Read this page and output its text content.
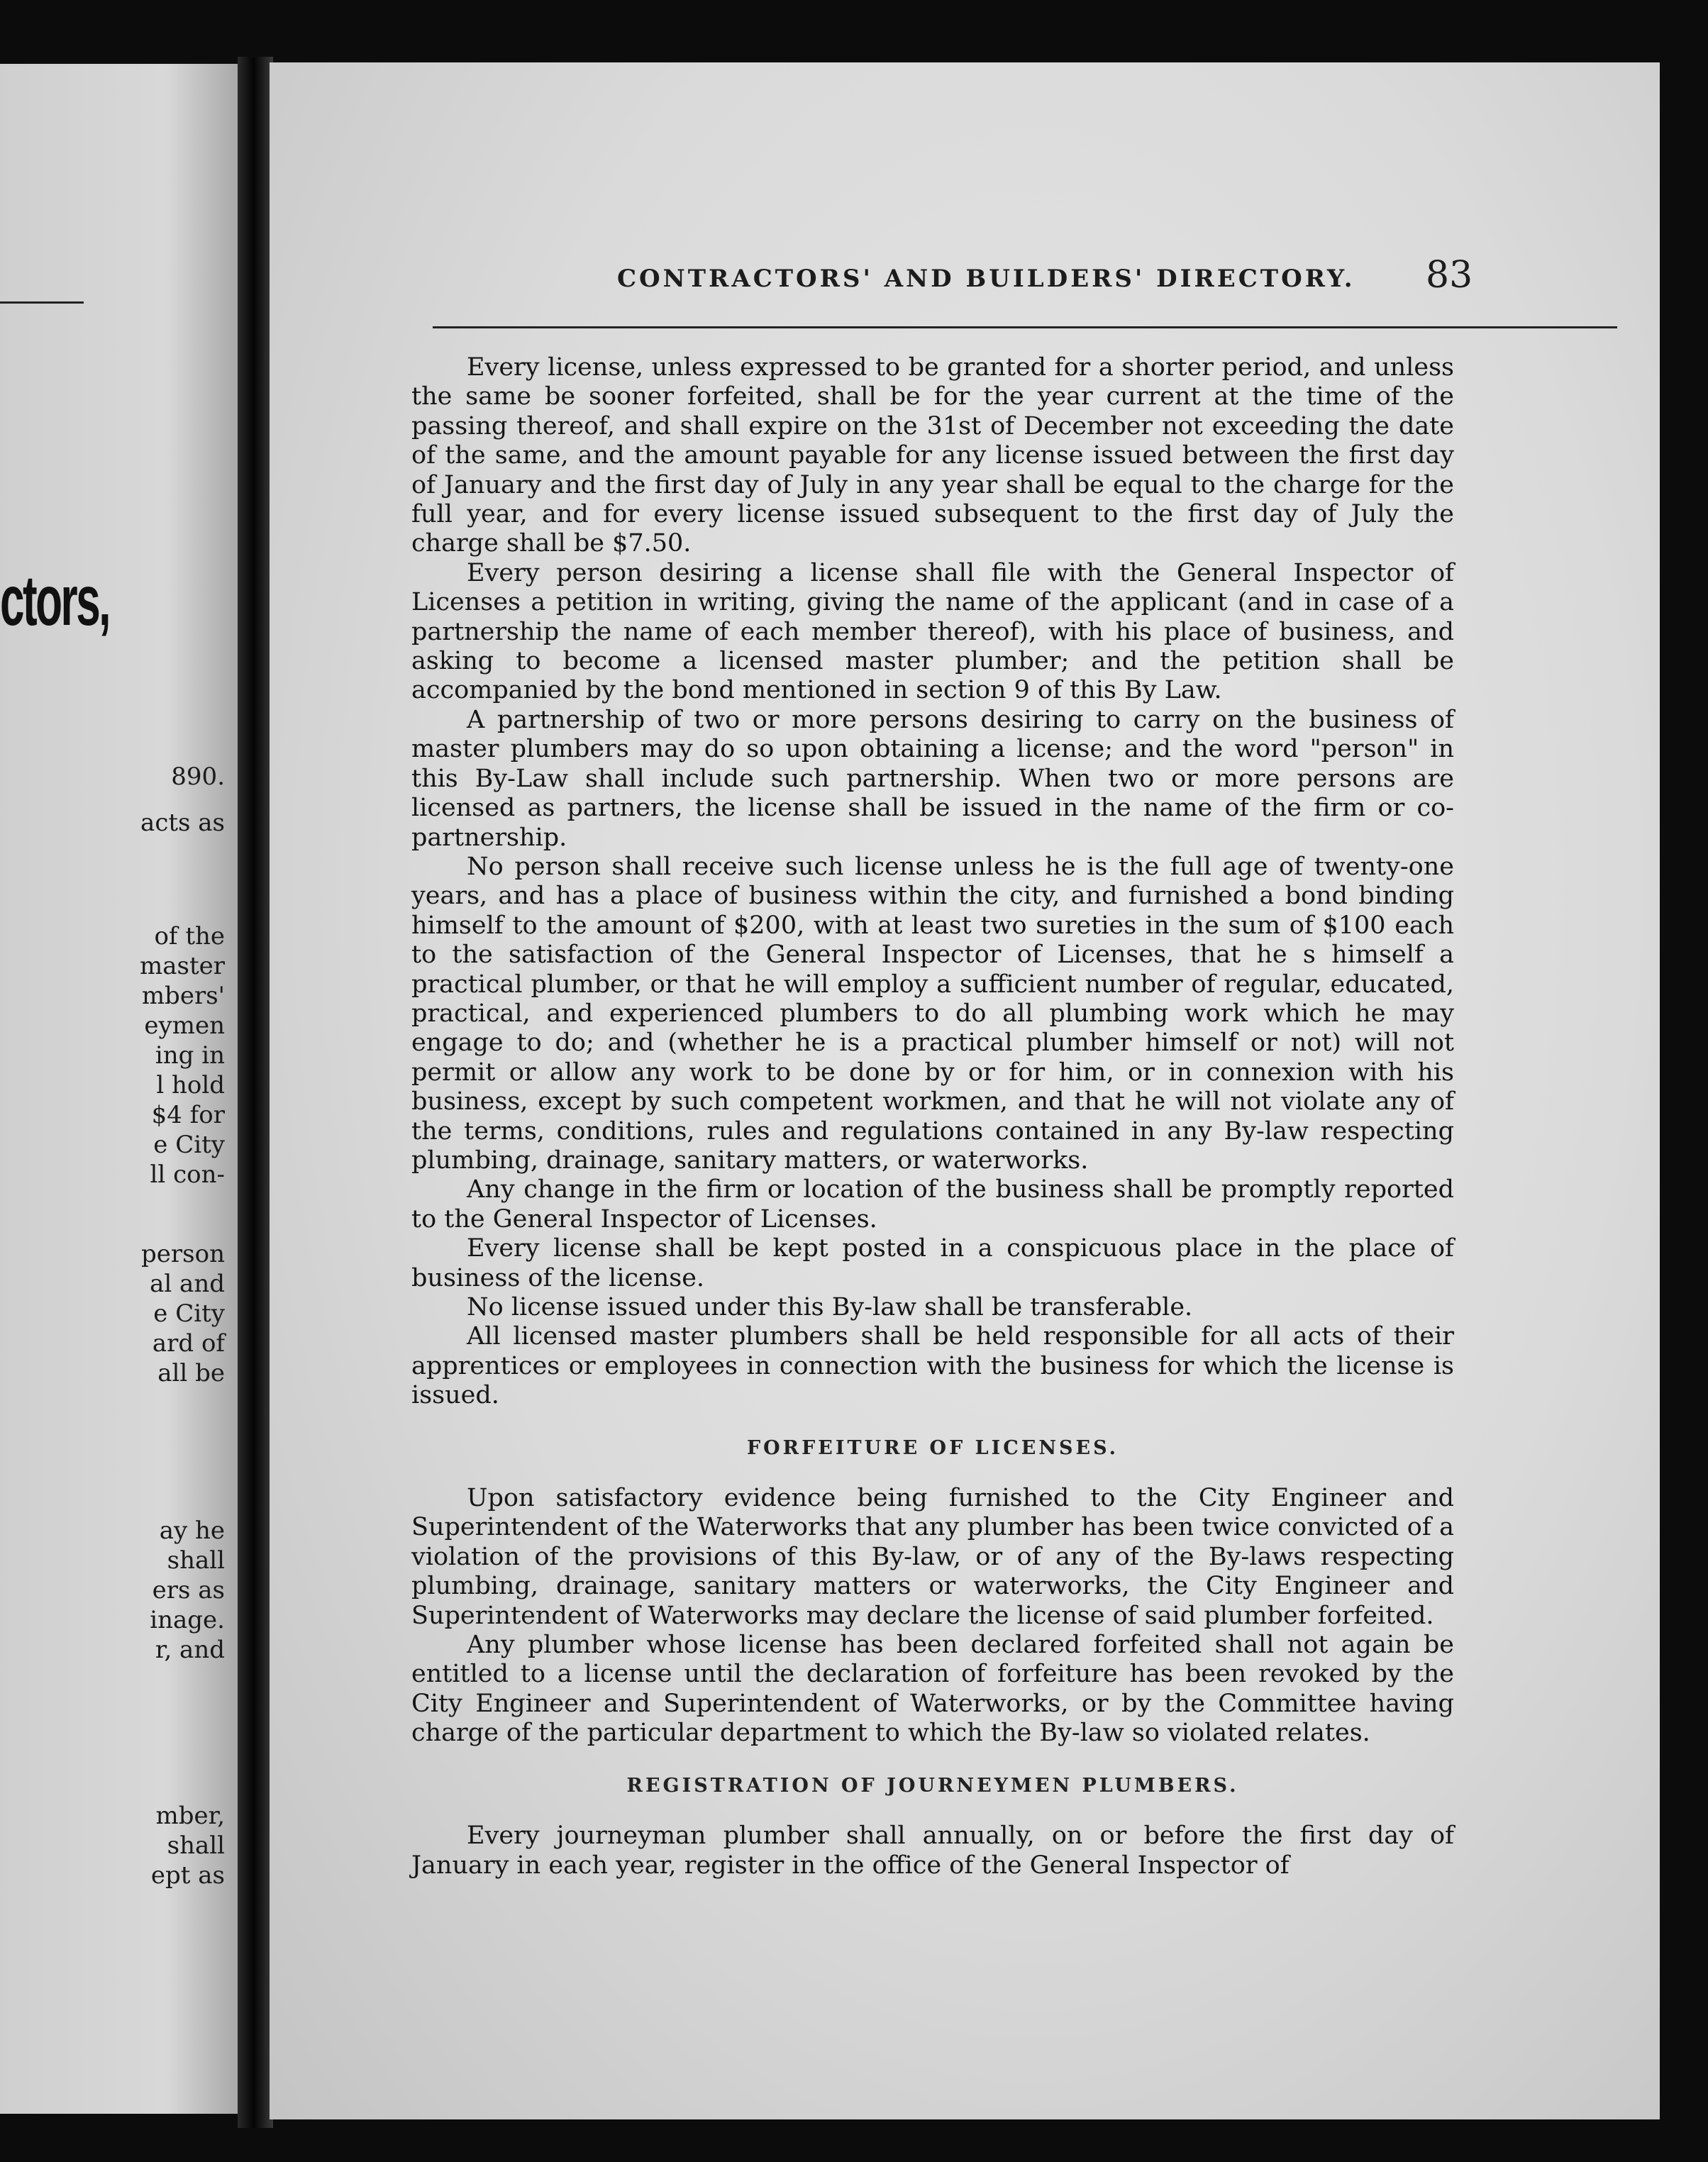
ctors,
890.
acts as
of the
master
mbers'
eymen
ing in
l hold
$4 for
e City
ll con-
person
al and
e City
ard of
all be
ay he
shall
ers as
inage.
r, and
mber,
shall
ept as
CONTRACTORS' AND BUILDERS' DIRECTORY. 83

Every license, unless expressed to be granted for a shorter period, and unless the same be sooner forfeited, shall be for the year current at the time of the passing thereof, and shall expire on the 31st of December not exceeding the date of the same, and the amount payable for any license issued between the first day of January and the first day of July in any year shall be equal to the charge for the full year, and for every license issued subsequent to the first day of July the charge shall be $7.50.

Every person desiring a license shall file with the General Inspector of Licenses a petition in writing, giving the name of the applicant (and in case of a partnership the name of each member thereof), with his place of business, and asking to become a licensed master plumber; and the petition shall be accompanied by the bond mentioned in section 9 of this By Law.

A partnership of two or more persons desiring to carry on the business of master plumbers may do so upon obtaining a license; and the word "person" in this By-Law shall include such partnership. When two or more persons are licensed as partners, the license shall be issued in the name of the firm or co-partnership.

No person shall receive such license unless he is the full age of twenty-one years, and has a place of business within the city, and furnished a bond binding himself to the amount of $200, with at least two sureties in the sum of $100 each to the satisfaction of the General Inspector of Licenses, that he s himself a practical plumber, or that he will employ a sufficient number of regular, educated, practical, and experienced plumbers to do all plumbing work which he may engage to do; and (whether he is a practical plumber himself or not) will not permit or allow any work to be done by or for him, or in connexion with his business, except by such competent workmen, and that he will not violate any of the terms, conditions, rules and regulations contained in any By-law respecting plumbing, drainage, sanitary matters, or waterworks.

Any change in the firm or location of the business shall be promptly reported to the General Inspector of Licenses.

Every license shall be kept posted in a conspicuous place in the place of business of the license.

No license issued under this By-law shall be transferable.

All licensed master plumbers shall be held responsible for all acts of their apprentices or employees in connection with the business for which the license is issued.

FORFEITURE OF LICENSES.

Upon satisfactory evidence being furnished to the City Engineer and Superintendent of the Waterworks that any plumber has been twice convicted of a violation of the provisions of this By-law, or of any of the By-laws respecting plumbing, drainage, sanitary matters or waterworks, the City Engineer and Superintendent of Waterworks may declare the license of said plumber forfeited.

Any plumber whose license has been declared forfeited shall not again be entitled to a license until the declaration of forfeiture has been revoked by the City Engineer and Superintendent of Waterworks, or by the Committee having charge of the particular department to which the By-law so violated relates.

REGISTRATION OF JOURNEYMEN PLUMBERS.

Every journeyman plumber shall annually, on or before the first day of January in each year, register in the office of the General Inspector of
